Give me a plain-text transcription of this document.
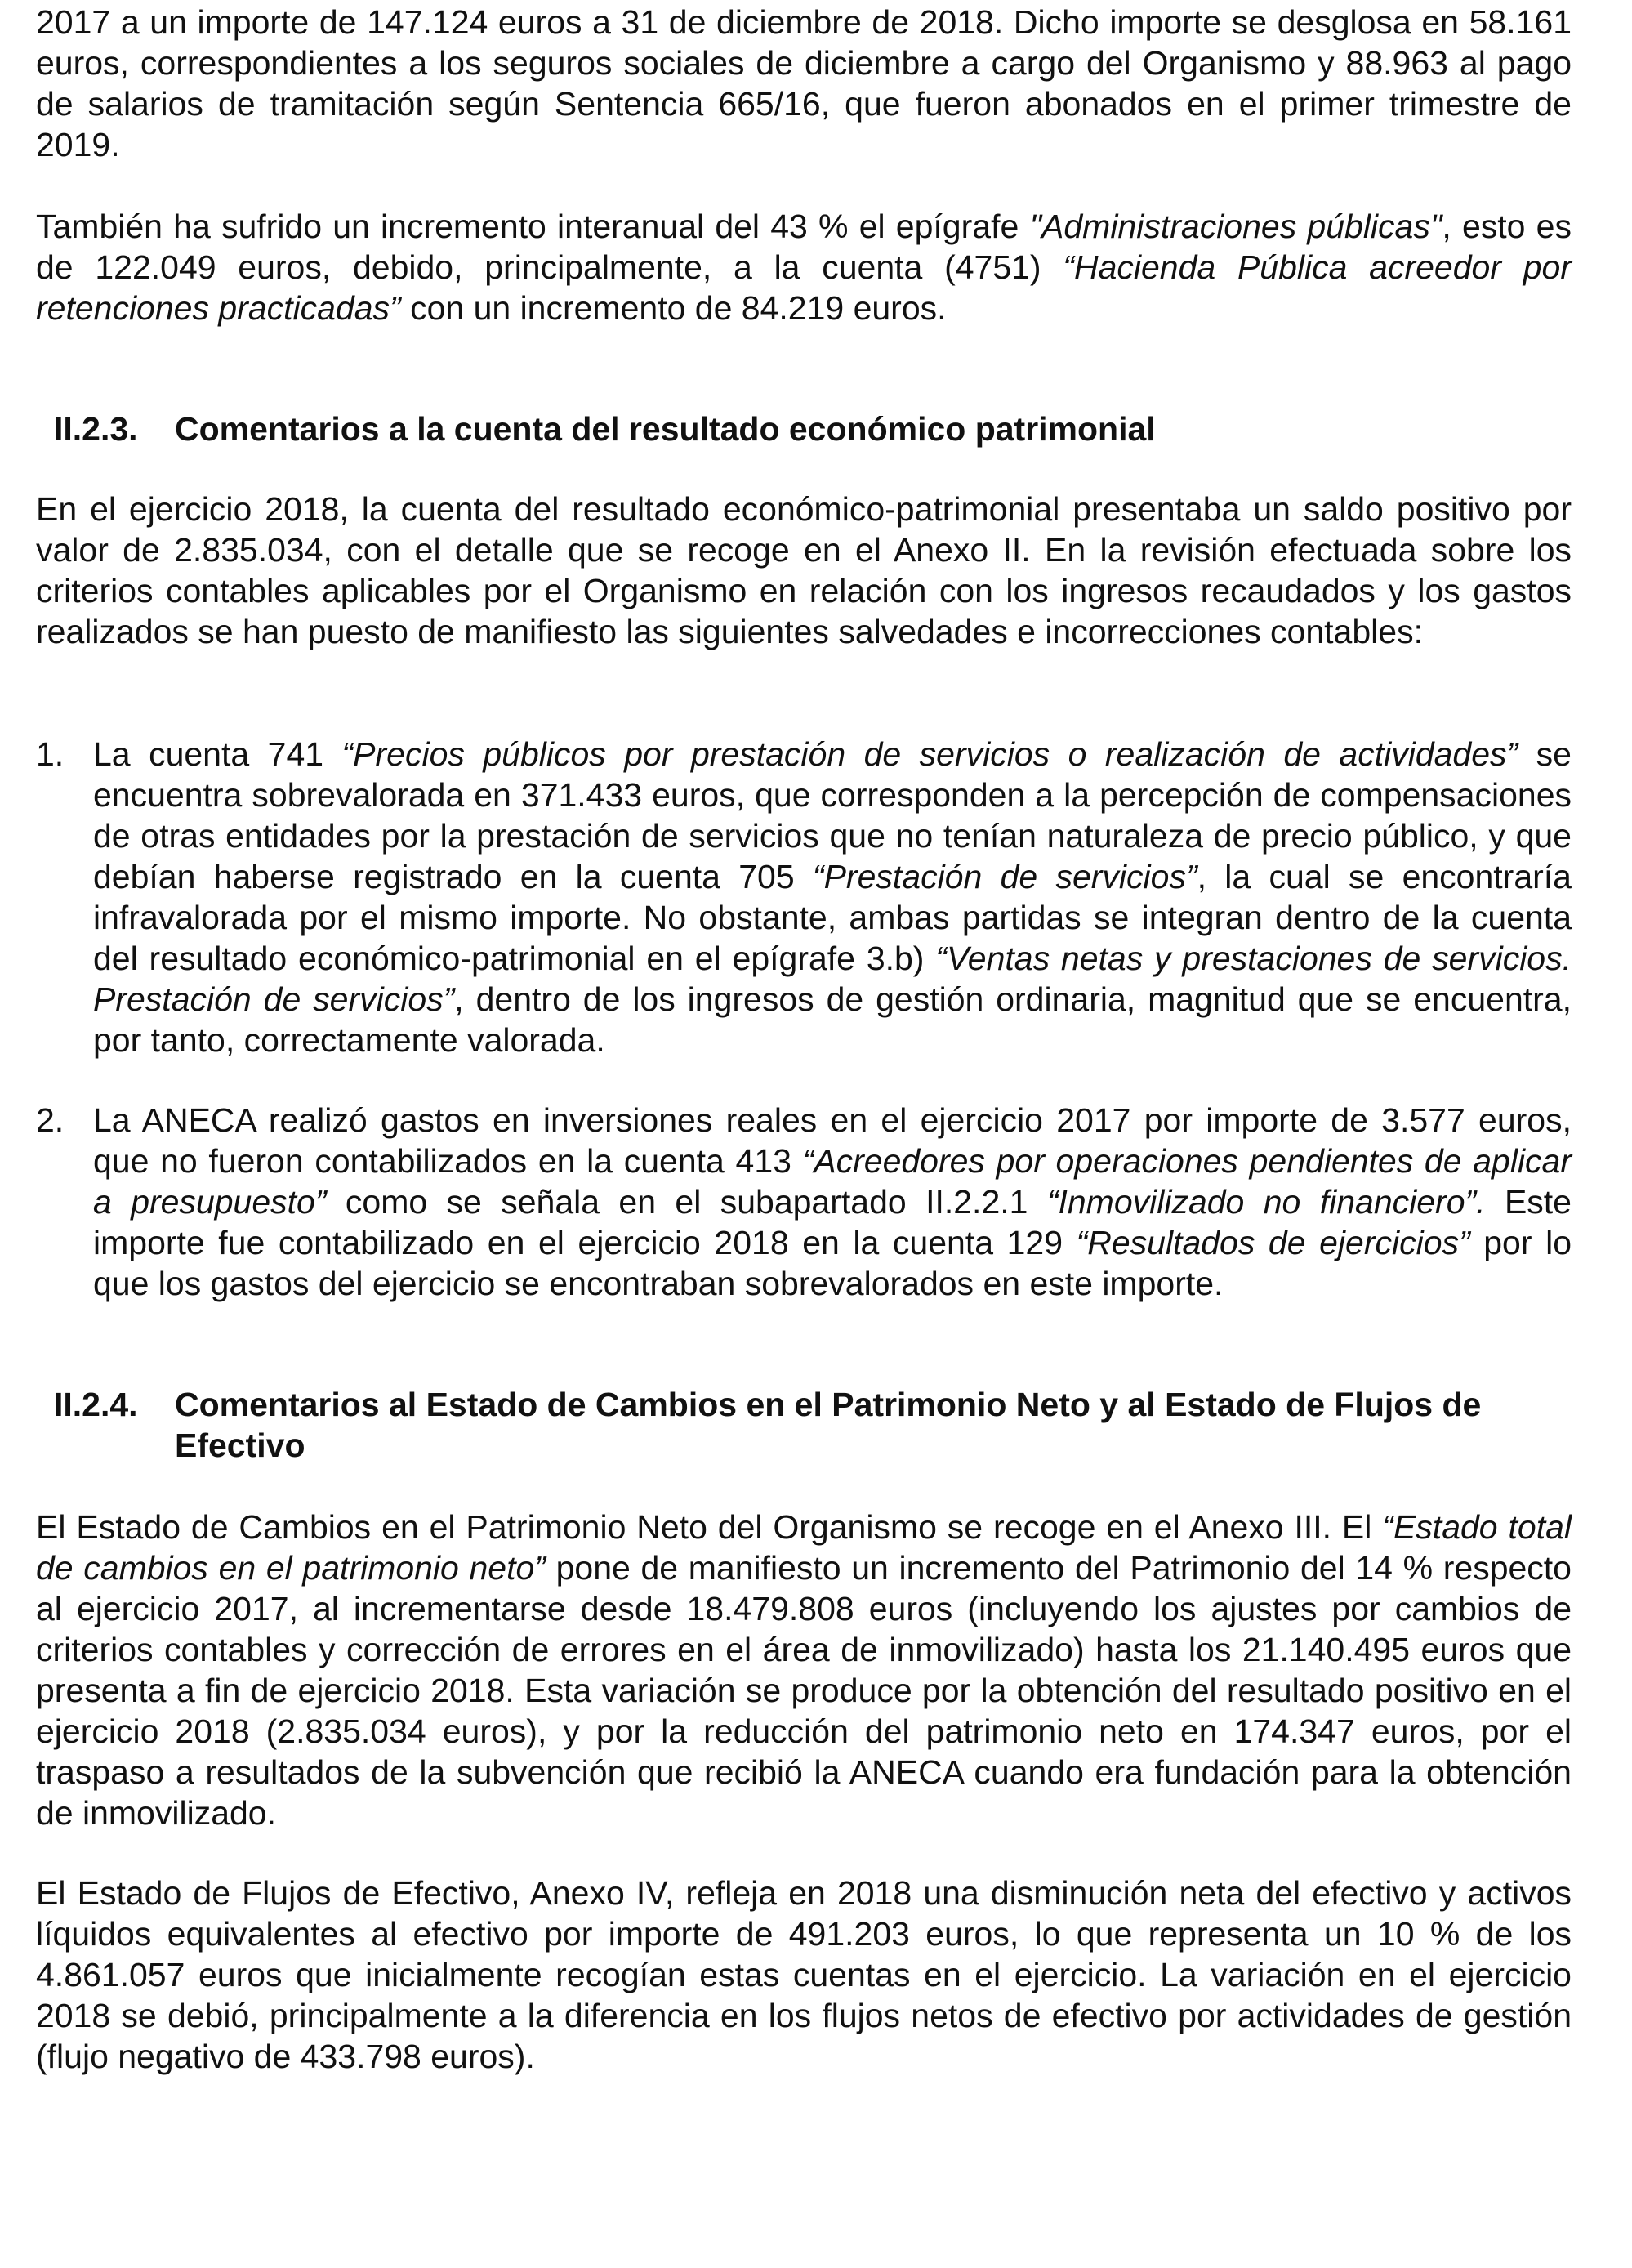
2017 a un importe de 147.124 euros a 31 de diciembre de 2018. Dicho importe se desglosa en 58.161 euros, correspondientes a los seguros sociales de diciembre a cargo del Organismo y 88.963 al pago de salarios de tramitación según Sentencia 665/16, que fueron abonados en el primer trimestre de 2019.

También ha sufrido un incremento interanual del 43 % el epígrafe "Administraciones públicas", esto es de 122.049 euros, debido, principalmente, a la cuenta (4751) “Hacienda Pública acreedor por retenciones practicadas” con un incremento de 84.219 euros.

II.2.3. Comentarios a la cuenta del resultado económico patrimonial

En el ejercicio 2018, la cuenta del resultado económico-patrimonial presentaba un saldo positivo por valor de 2.835.034, con el detalle que se recoge en el Anexo II. En la revisión efectuada sobre los criterios contables aplicables por el Organismo en relación con los ingresos recaudados y los gastos realizados se han puesto de manifiesto las siguientes salvedades e incorrecciones contables:

1. La cuenta 741 “Precios públicos por prestación de servicios o realización de actividades” se encuentra sobrevalorada en 371.433 euros, que corresponden a la percepción de compensaciones de otras entidades por la prestación de servicios que no tenían naturaleza de precio público, y que debían haberse registrado en la cuenta 705 “Prestación de servicios”, la cual se encontraría infravalorada por el mismo importe. No obstante, ambas partidas se integran dentro de la cuenta del resultado económico-patrimonial en el epígrafe 3.b) “Ventas netas y prestaciones de servicios. Prestación de servicios”, dentro de los ingresos de gestión ordinaria, magnitud que se encuentra, por tanto, correctamente valorada.
2. La ANECA realizó gastos en inversiones reales en el ejercicio 2017 por importe de 3.577 euros, que no fueron contabilizados en la cuenta 413 “Acreedores por operaciones pendientes de aplicar a presupuesto” como se señala en el subapartado II.2.2.1 “Inmovilizado no financiero”. Este importe fue contabilizado en el ejercicio 2018 en la cuenta 129 “Resultados de ejercicios” por lo que los gastos del ejercicio se encontraban sobrevalorados en este importe.
II.2.4. Comentarios al Estado de Cambios en el Patrimonio Neto y al Estado de Flujos de Efectivo

El Estado de Cambios en el Patrimonio Neto del Organismo se recoge en el Anexo III. El “Estado total de cambios en el patrimonio neto” pone de manifiesto un incremento del Patrimonio del 14 % respecto al ejercicio 2017, al incrementarse desde 18.479.808 euros (incluyendo los ajustes por cambios de criterios contables y corrección de errores en el área de inmovilizado) hasta los 21.140.495 euros que presenta a fin de ejercicio 2018. Esta variación se produce por la obtención del resultado positivo en el ejercicio 2018 (2.835.034 euros), y por la reducción del patrimonio neto en 174.347 euros, por el traspaso a resultados de la subvención que recibió la ANECA cuando era fundación para la obtención de inmovilizado.

El Estado de Flujos de Efectivo, Anexo IV, refleja en 2018 una disminución neta del efectivo y activos líquidos equivalentes al efectivo por importe de 491.203 euros, lo que representa un 10 % de los 4.861.057 euros que inicialmente recogían estas cuentas en el ejercicio. La variación en el ejercicio 2018 se debió, principalmente a la diferencia en los flujos netos de efectivo por actividades de gestión (flujo negativo de 433.798 euros).
